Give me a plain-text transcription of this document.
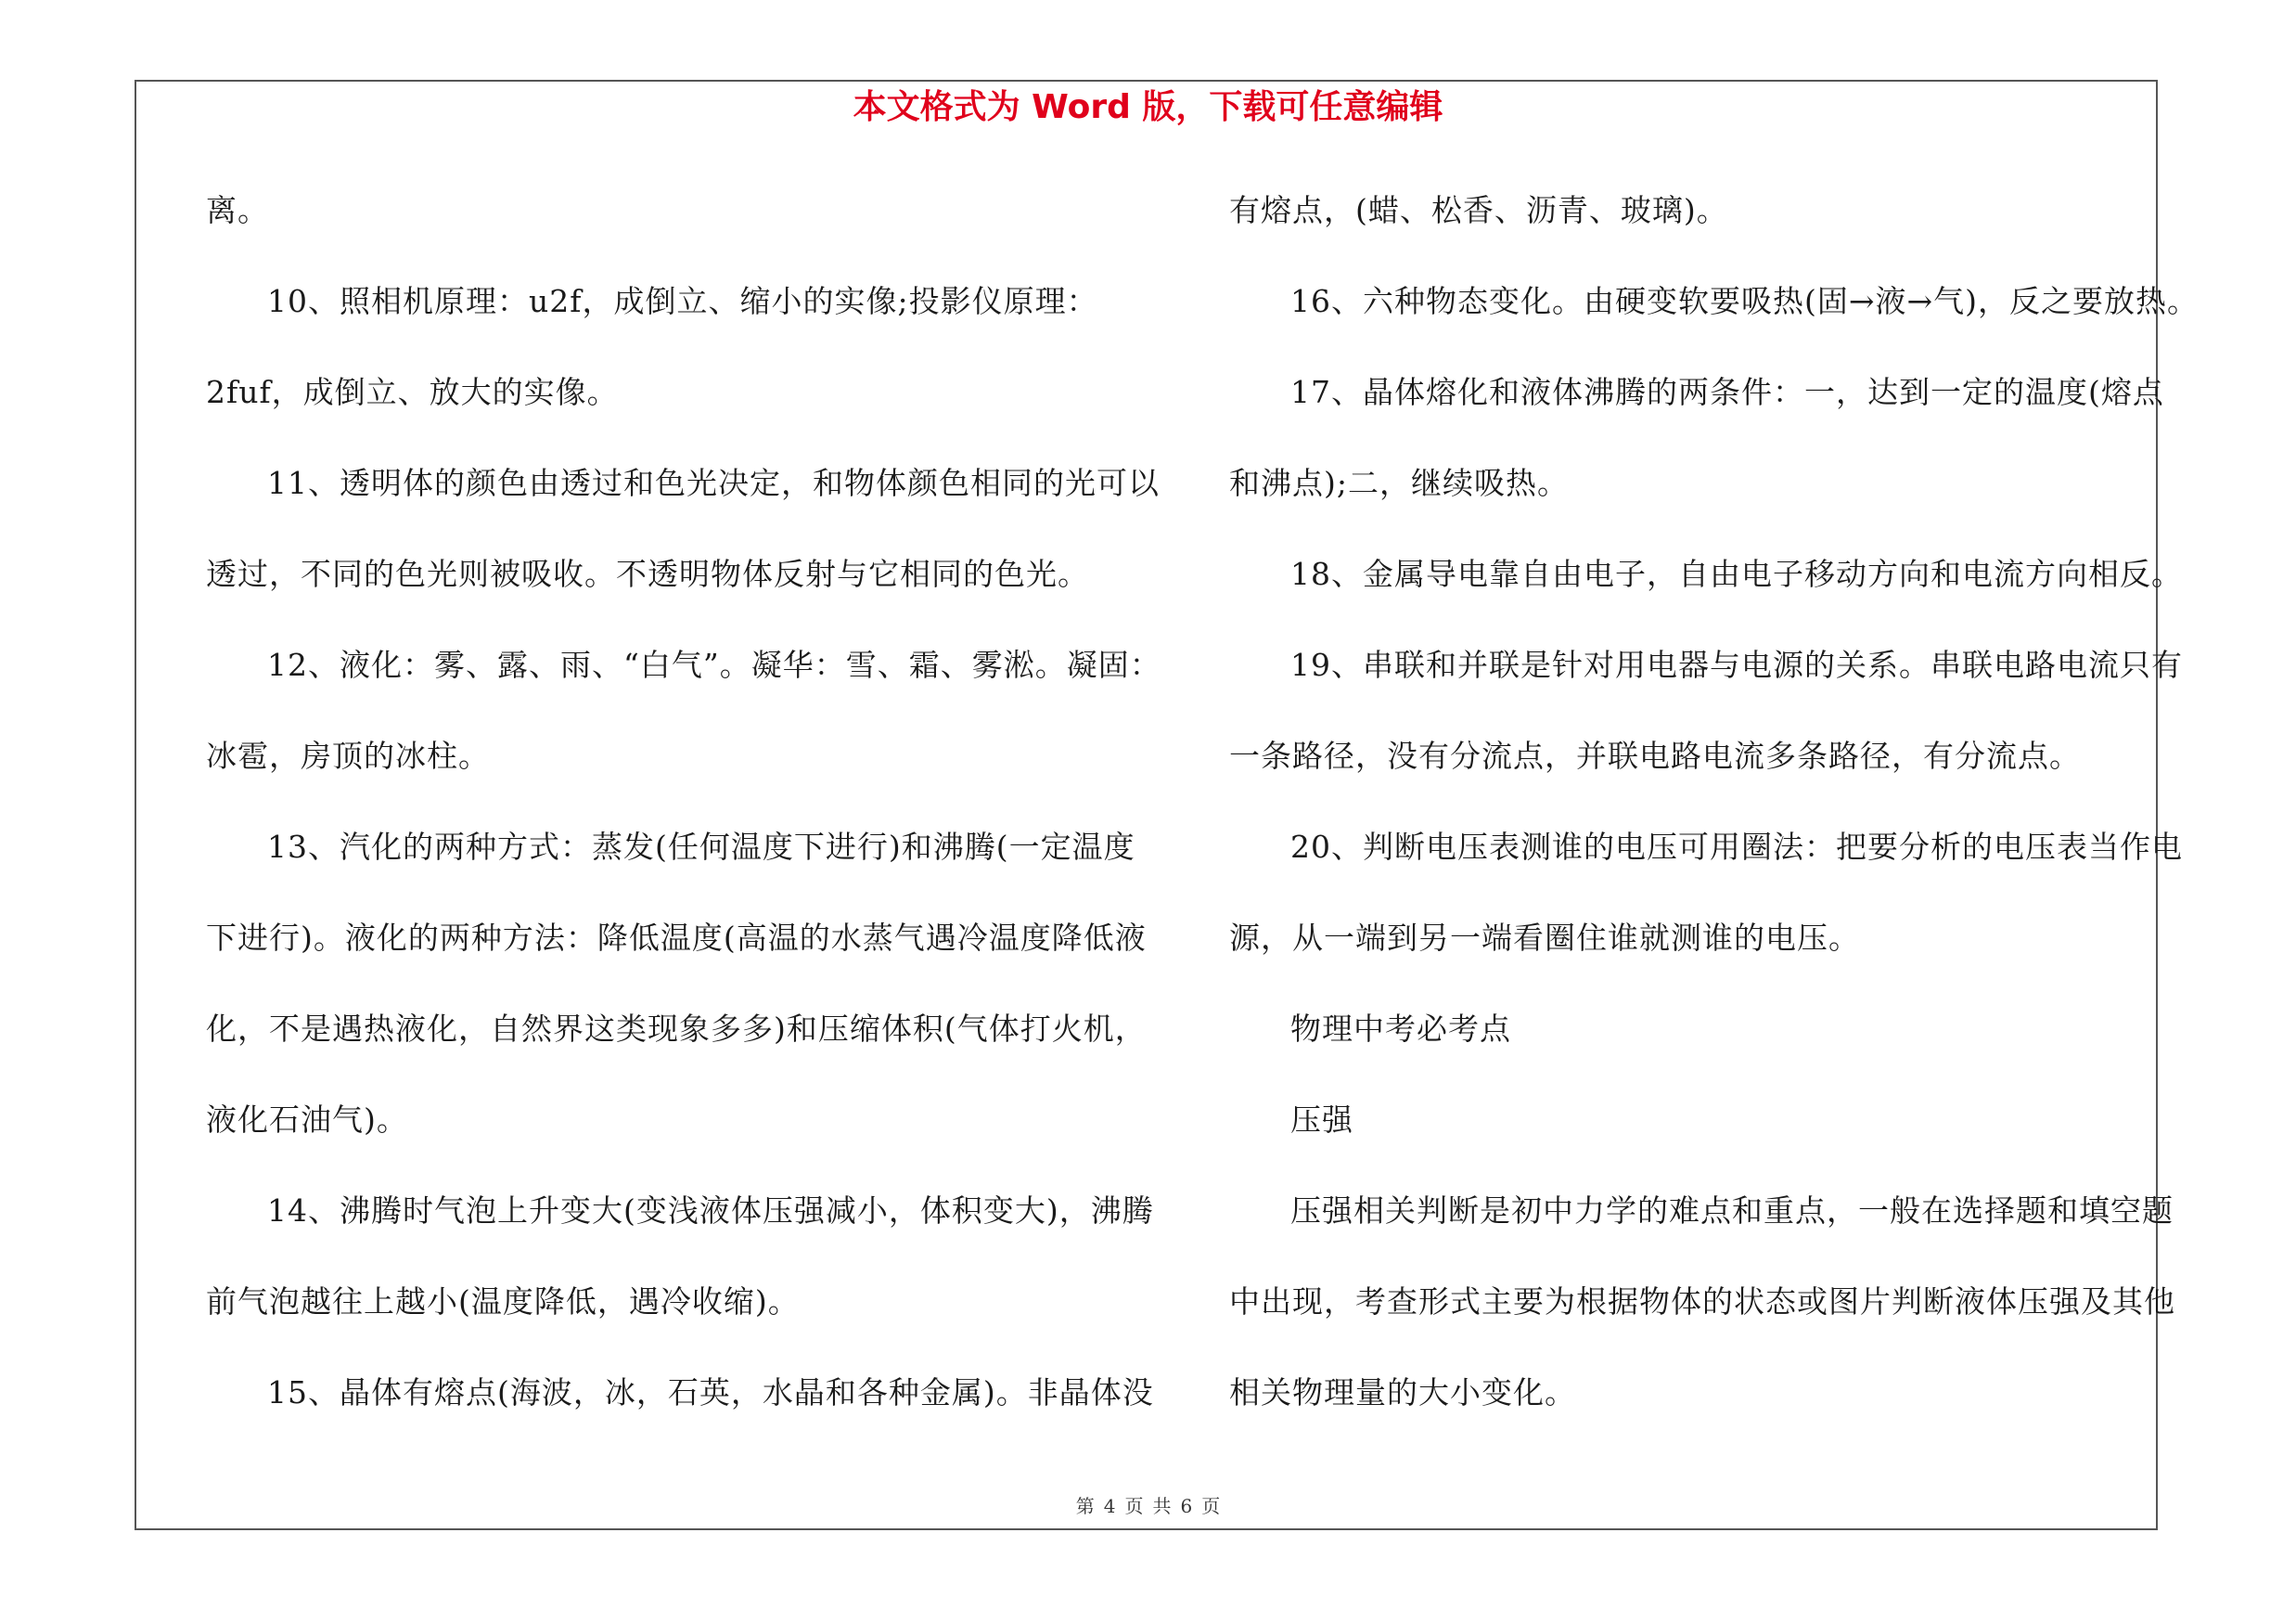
本文格式为 Word 版，下载可任意编辑
离。
10、照相机原理：u2f，成倒立、缩小的实像;投影仪原理：
2fuf，成倒立、放大的实像。
11、透明体的颜色由透过和色光决定，和物体颜色相同的光可以
透过，不同的色光则被吸收。不透明物体反射与它相同的色光。
12、液化：雾、露、雨、“白气”。凝华：雪、霜、雾淞。凝固：
冰雹，房顶的冰柱。
13、汽化的两种方式：蒸发(任何温度下进行)和沸腾(一定温度
下进行)。液化的两种方法：降低温度(高温的水蒸气遇冷温度降低液
化，不是遇热液化，自然界这类现象多多)和压缩体积(气体打火机，
液化石油气)。
14、沸腾时气泡上升变大(变浅液体压强减小，体积变大)，沸腾
前气泡越往上越小(温度降低，遇冷收缩)。
15、晶体有熔点(海波，冰，石英，水晶和各种金属)。非晶体没
有熔点，(蜡、松香、沥青、玻璃)。
16、六种物态变化。由硬变软要吸热(固→液→气)，反之要放热。
17、晶体熔化和液体沸腾的两条件：一，达到一定的温度(熔点
和沸点);二，继续吸热。
18、金属导电靠自由电子，自由电子移动方向和电流方向相反。
19、串联和并联是针对用电器与电源的关系。串联电路电流只有
一条路径，没有分流点，并联电路电流多条路径，有分流点。
20、判断电压表测谁的电压可用圈法：把要分析的电压表当作电
源，从一端到另一端看圈住谁就测谁的电压。
物理中考必考点
压强
压强相关判断是初中力学的难点和重点，一般在选择题和填空题
中出现，考查形式主要为根据物体的状态或图片判断液体压强及其他
相关物理量的大小变化。
第 4 页 共 6 页
